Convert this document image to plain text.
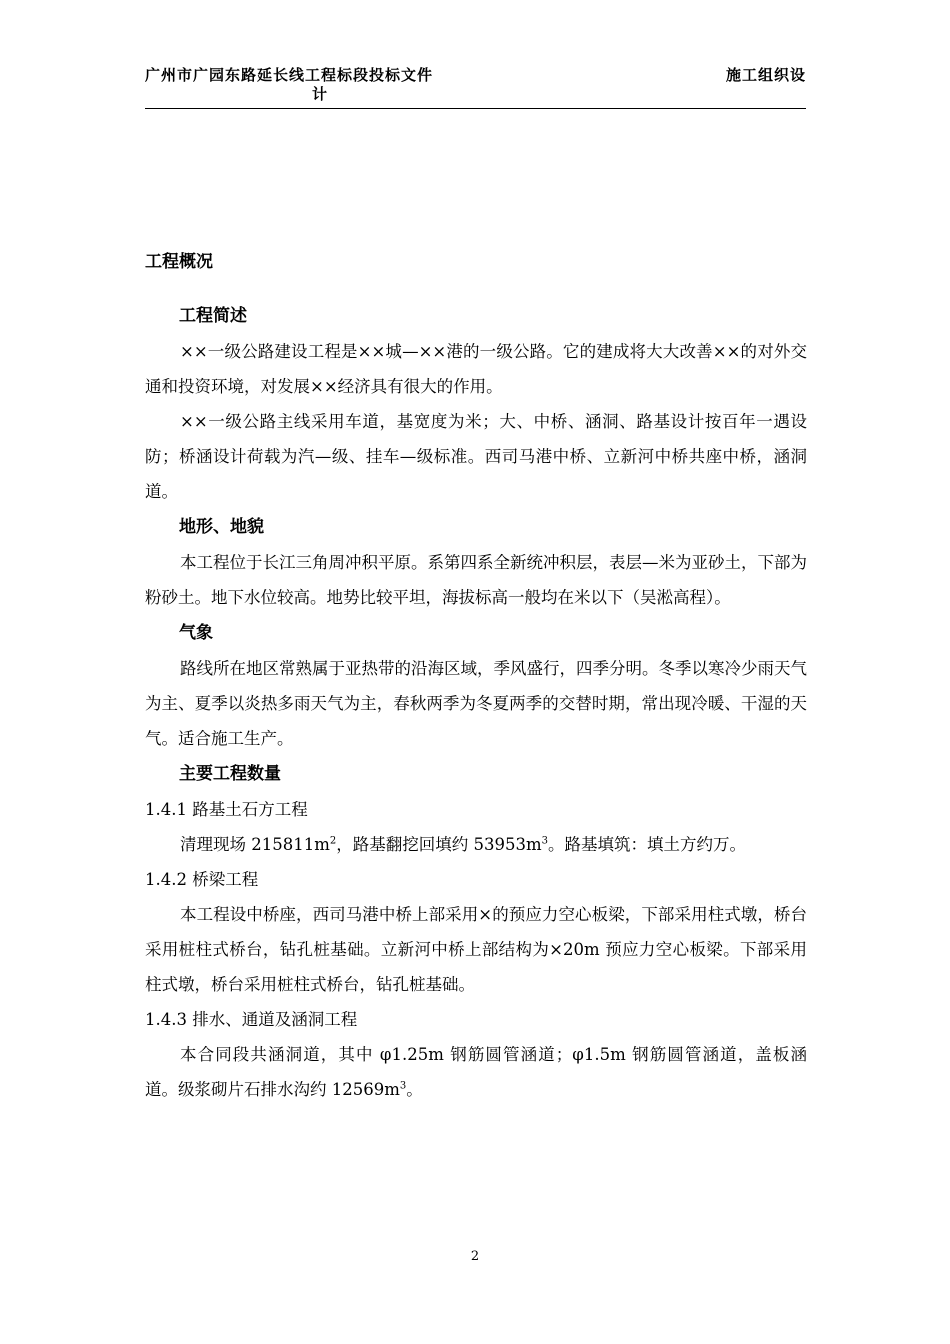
广州市广园东路延长线工程标段投标文件
计
施工组织设
工程概况
工程简述

××一级公路建设工程是××城—××港的一级公路。它的建成将大大改善××的对外交通和投资环境，对发展××经济具有很大的作用。

××一级公路主线采用车道，基宽度为米；大、中桥、涵洞、路基设计按百年一遇设防；桥涵设计荷载为汽—级、挂车—级标准。西司马港中桥、立新河中桥共座中桥，涵洞道。

地形、地貌

本工程位于长江三角周冲积平原。系第四系全新统冲积层，表层—米为亚砂土，下部为粉砂土。地下水位较高。地势比较平坦，海拔标高一般均在米以下（吴淞高程）。

气象

路线所在地区常熟属于亚热带的沿海区域，季风盛行，四季分明。冬季以寒冷少雨天气为主、夏季以炎热多雨天气为主，春秋两季为冬夏两季的交替时期，常出现冷暖、干湿的天气。适合施工生产。

主要工程数量

1.4.1 路基土石方工程

清理现场 $215811m^2$，路基翻挖回填约 $53953m^3$。路基填筑：填土方约万。

1.4.2 桥梁工程

本工程设中桥座，西司马港中桥上部采用×的预应力空心板梁，下部采用柱式墩，桥台采用桩柱式桥台，钻孔桩基础。立新河中桥上部结构为×20m 预应力空心板梁。下部采用柱式墩，桥台采用桩柱式桥台，钻孔桩基础。

1.4.3 排水、通道及涵洞工程

本合同段共涵洞道，其中 φ1.25m 钢筋圆管涵道；φ1.5m 钢筋圆管涵道，盖板涵道。级浆砌片石排水沟约 $12569m^3$。

2
